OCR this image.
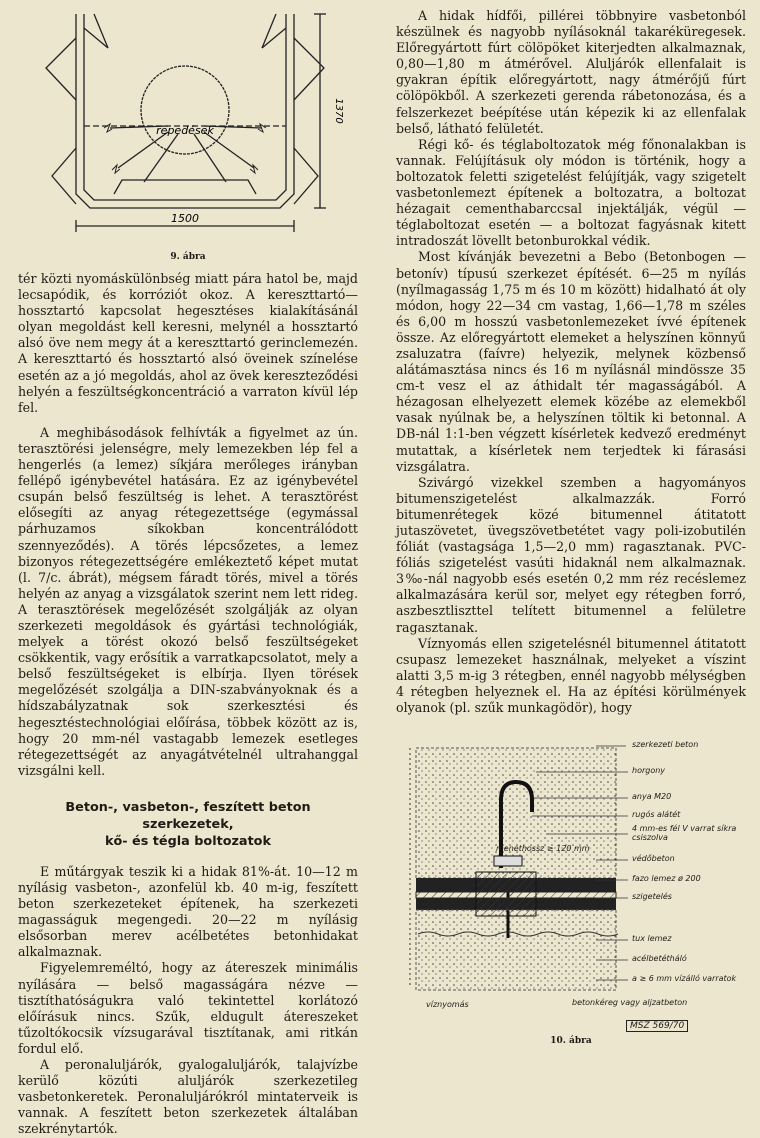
repedések
1500
1370
9. ábra

tér közti nyomáskülönbség miatt pára hatol be, majd lecsapódik, és korróziót okoz. A kereszttartó—hossztartó kapcsolat hegesztéses kialakításánál olyan megoldást kell keresni, melynél a hossztartó alsó öve nem megy át a kereszttartó gerinclemezén. A kereszttartó és hossztartó alsó öveinek színelése esetén az a jó megoldás, ahol az övek kereszteződési helyén a feszültségkoncentráció a varraton kívül lép fel.

A meghibásodások felhívták a figyelmet az ún. terasztörési jelenségre, mely lemezekben lép fel a hengerlés (a lemez) síkjára merőleges irányban fellépő igénybevétel hatására. Ez az igénybevétel csupán belső feszültség is lehet. A terasztörést elősegíti az anyag rétegezettsége (egymással párhuzamos síkokban koncentrálódott szennyeződés). A törés lépcsőzetes, a lemez bizonyos rétegezettségére emlékeztető képet mutat (l. 7/c. ábrát), mégsem fáradt törés, mivel a törés helyén az anyag a vizsgálatok szerint nem lett rideg. A terasztörések megelőzését szolgálják az olyan szerkezeti megoldások és gyártási technológiák, melyek a törést okozó belső feszültségeket csökkentik, vagy erősítik a varratkapcsolatot, mely a belső feszültségeket is elbírja. Ilyen törések megelőzését szolgálja a DIN-szabványoknak és a hídszabályzatnak sok szerkesztési és hegesztéstechnológiai előírása, többek között az is, hogy 20 mm-nél vastagabb lemezek esetleges rétegezettségét az anyagátvételnél ultrahanggal vizsgálni kell.

Beton-, vasbeton-, feszített beton szerkezetek,

kő- és tégla boltozatok

E műtárgyak teszik ki a hidak 81%-át. 10—12 m nyílásig vasbeton-, azonfelül kb. 40 m-ig, feszített beton szerkezeteket építenek, ha szerkezeti magasságuk megengedi. 20—22 m nyílásig elsősorban merev acélbetétes betonhidakat alkalmaznak.

Figyelemreméltó, hogy az átereszek minimális nyílására — belső magasságára nézve — tisztíthatóságukra való tekintettel korlátozó előírásuk nincs. Szűk, eldugult átereszeket tűzoltókocsik vízsugarával tisztítanak, ami ritkán fordul elő.

A peronaluljárók, gyalogaluljárók, talajvízbe kerülő közúti aluljárók szerkezetileg vasbetonkeretek. Peronaluljárókról mintaterveik is vannak. A feszített beton szerkezetek általában szekrénytartók.

A hidak hídfői, pillérei többnyire vasbetonból készülnek és nagyobb nyílásoknál takaréküregesek. Előregyártott fúrt cölöpöket kiterjedten alkalmaznak, 0,80—1,80 m átmérővel. Aluljárók ellenfalait is gyakran építik előregyártott, nagy átmérőjű fúrt cölöpökből. A szerkezeti gerenda rábetonozása, és a felszerkezet beépítése után képezik ki az ellenfalak belső, látható felületét.

Régi kő- és téglaboltozatok még főnonalakban is vannak. Felújításuk oly módon is történik, hogy a boltozatok feletti szigetelést felújítják, vagy szigetelt vasbetonlemezt építenek a boltozatra, a boltozat hézagait cementhabarccsal injektálják, végül — téglaboltozat esetén — a boltozat fagyásnak kitett intradoszát lövellt betonburokkal védik.

Most kívánják bevezetni a Bebo (Betonbogen — betonív) típusú szerkezet építését. 6—25 m nyílás (nyílmagasság 1,75 m és 10 m között) hidalható át oly módon, hogy 22—34 cm vastag, 1,66—1,78 m széles és 6,00 m hosszú vasbetonlemezeket ívvé építenek össze. Az előregyártott elemeket a helyszínen könnyű zsaluzatra (faívre) helyezik, melynek közbenső alátámasztása nincs és 16 m nyílásnál mindössze 35 cm-t vesz el az áthidalt tér magasságából. A hézagosan elhelyezett elemek közébe az elemekből vasak nyúlnak be, a helyszínen töltik ki betonnal. A DB-nál 1:1-ben végzett kísérletek kedvező eredményt mutattak, a kísérletek nem terjedtek ki fárasási vizsgálatra.

Szivárgó vizekkel szemben a hagyományos bitumenszigetelést alkalmazzák. Forró bitumenrétegek közé bitumennel átitatott jutaszövetet, üvegszövetbetétet vagy poli-izobutilén fóliát (vastagsága 1,5—2,0 mm) ragasztanak. PVC-fóliás szigetelést vasúti hidaknál nem alkalmaznak. 3‰-nál nagyobb esés esetén 0,2 mm réz recéslemez alkalmazására kerül sor, melyet egy rétegben forró, aszbesztliszttel telített bitumennel a felületre ragasztanak.

Víznyomás ellen szigetelésnél bitumennel átitatott csupasz lemezeket használnak, melyeket a víszint alatti 3,5 m-ig 3 rétegben, ennél nagyobb mélységben 4 rétegben helyeznek el. Ha az építési körülmények olyanok (pl. szűk munkagödör), hogy

szerkezeti beton
horgony
anya M20
rugós alátét
4 mm-es fél V varrat síkra csiszolva
menethossz ≥ 120 mm
védőbeton
fazo lemez ø 200
szigetelés
tux lemez
acélbetétháló
a ≥ 6 mm vízálló varratok
víznyomás	betonkéreg vagy aljzatbeton
MSZ 569/70
10. ábra
